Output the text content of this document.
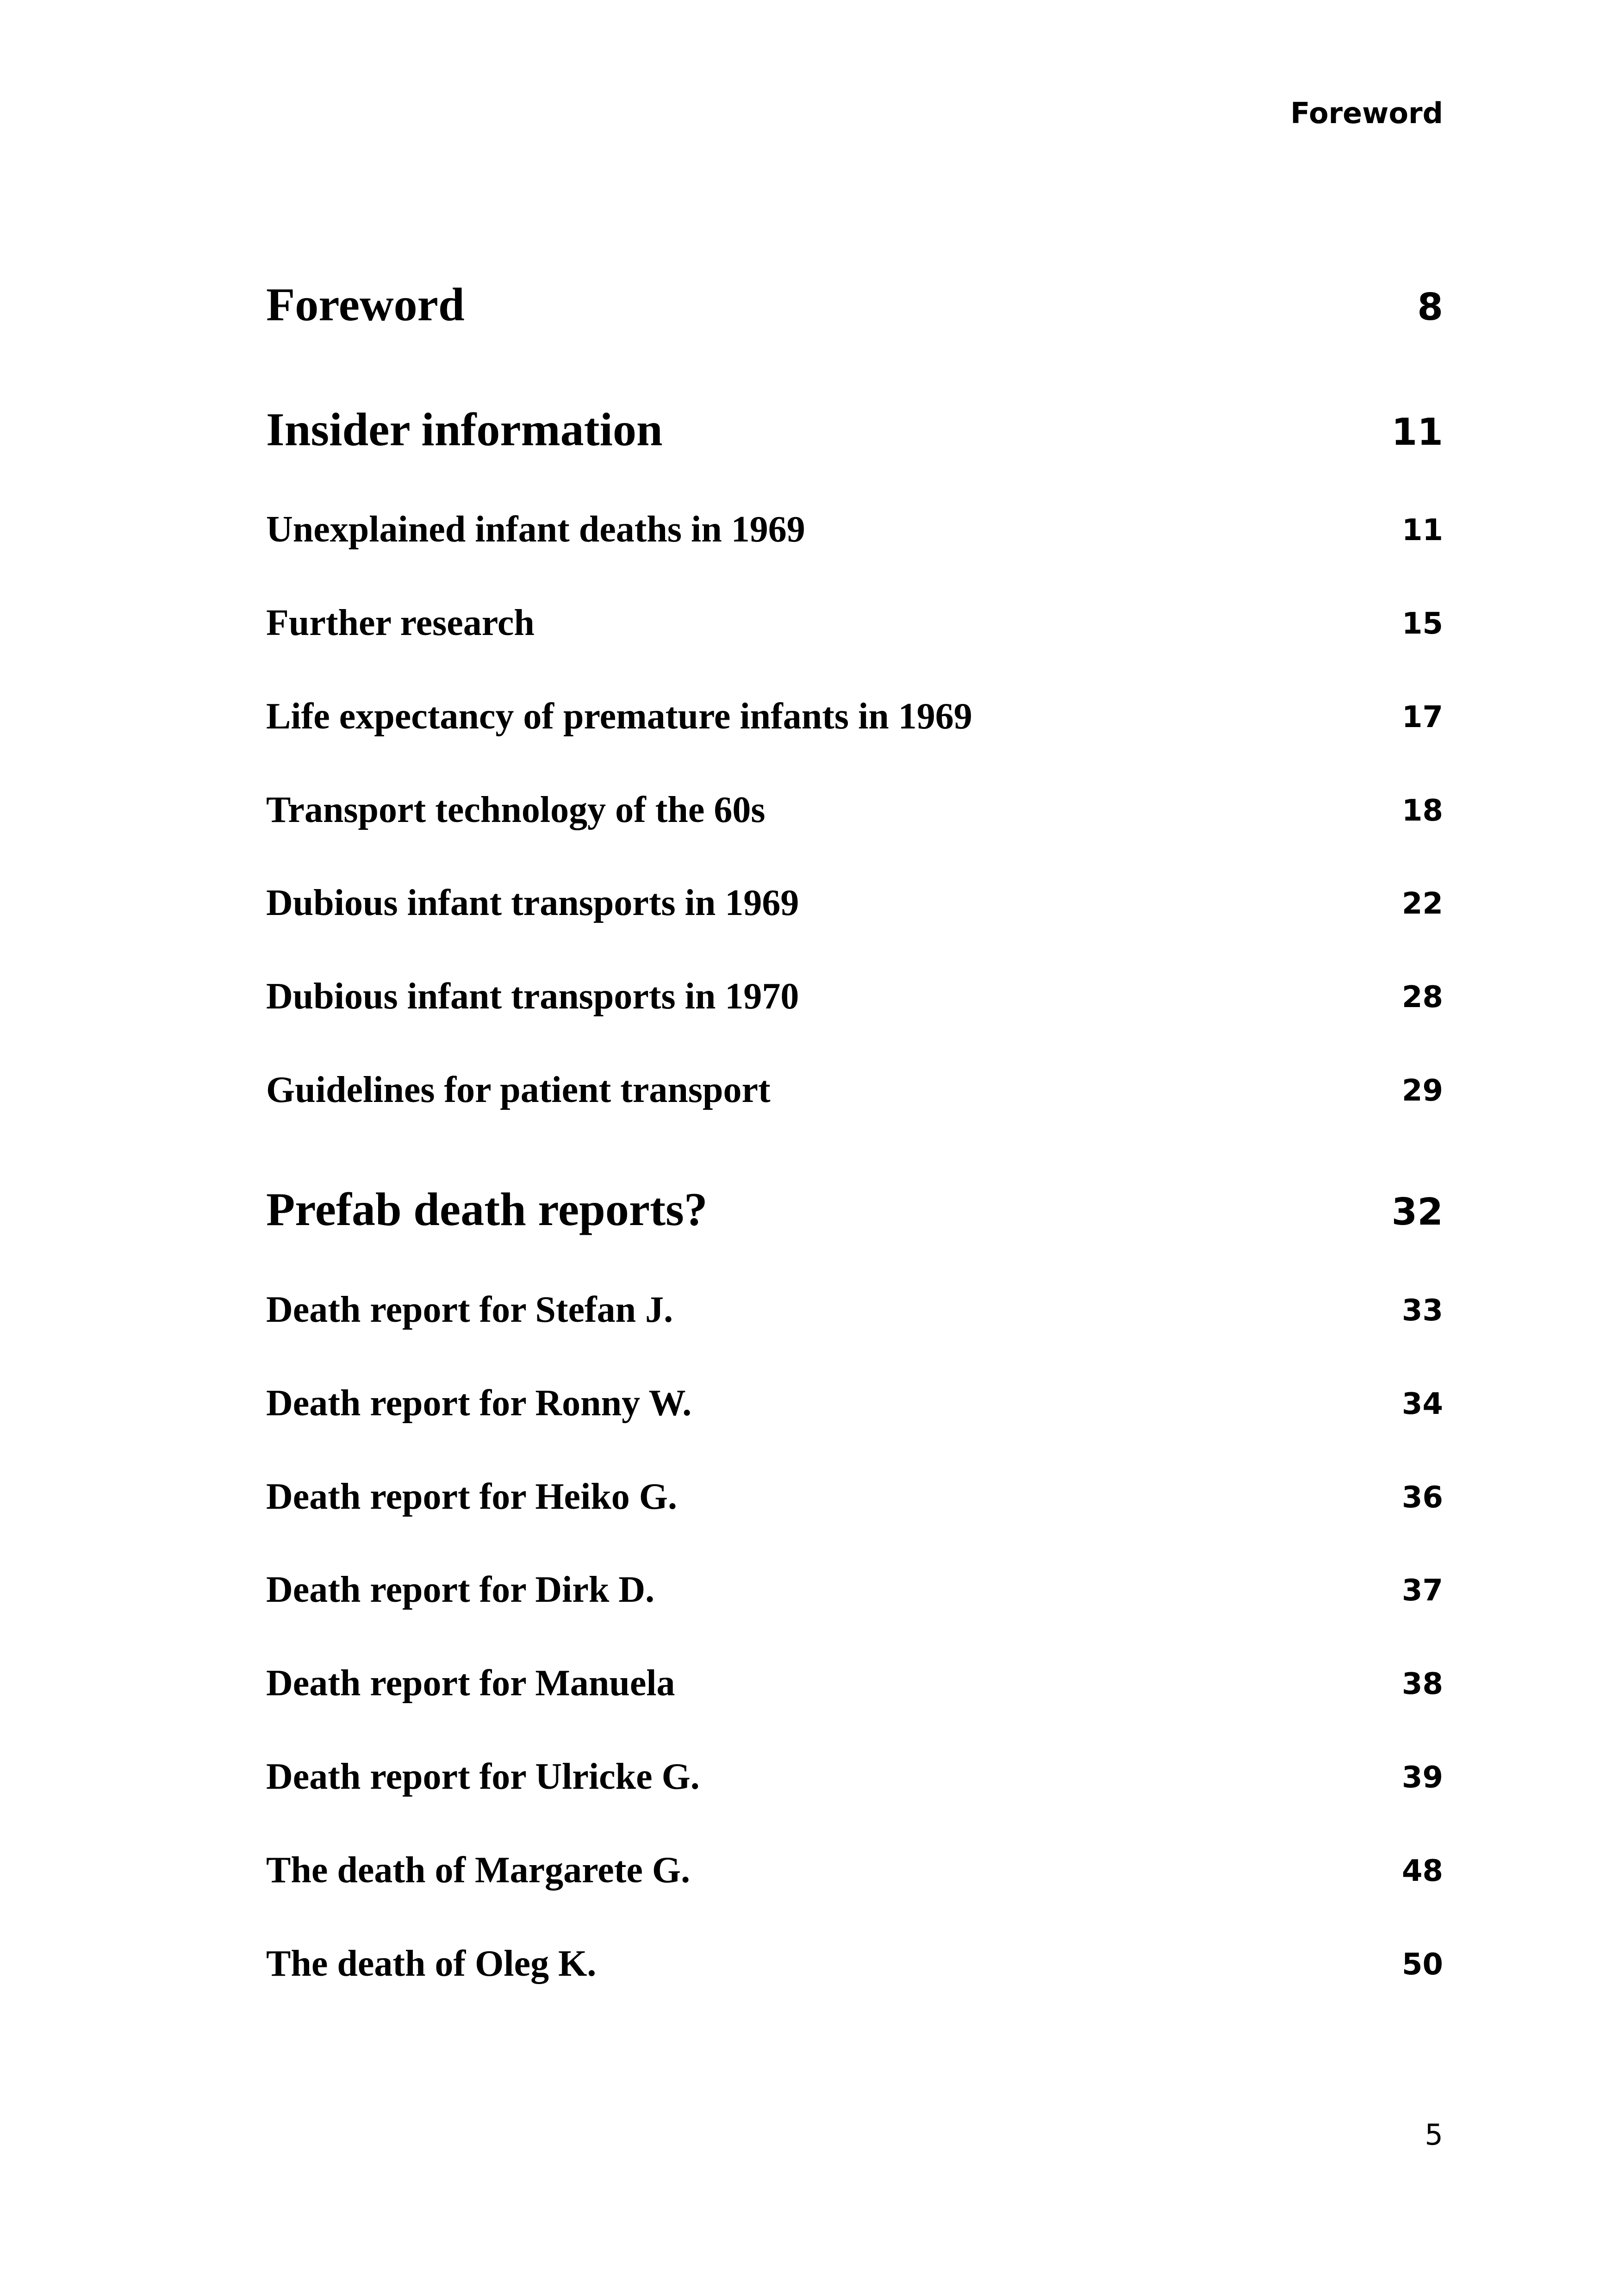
Foreword
Foreword	8
Insider information	11
Unexplained infant deaths in 1969	11
Further research	15
Life expectancy of premature infants in 1969	17
Transport technology of the 60s	18
Dubious infant transports in 1969	22
Dubious infant transports in 1970	28
Guidelines for patient transport	29
Prefab death reports?	32
Death report for Stefan J.	33
Death report for Ronny W.	34
Death report for Heiko G.	36
Death report for Dirk D.	37
Death report for Manuela	38
Death report for Ulricke G.	39
The death of Margarete G.	48
The death of Oleg K.	50
5
